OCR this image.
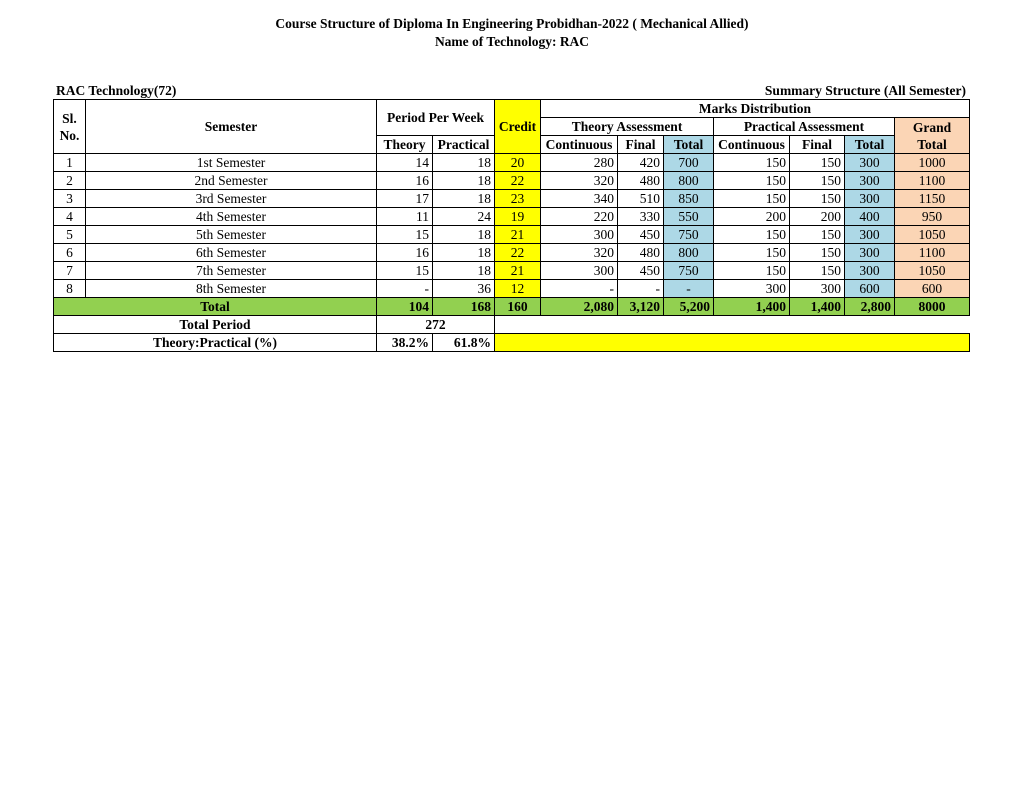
Course Structure of Diploma In Engineering Probidhan-2022 ( Mechanical Allied)
Name of Technology: RAC
RAC Technology(72)	Summary Structure (All Semester)
Sl.
No.	Semester	Period Per Week		Credit	Marks Distribution						
					Theory Assessment			Practical Assessment			Grand
Total
		Theory	Practical		Continuous	Final	Total	Continuous	Final	Total	
1	1st Semester	14	18	20	280	420	700	150	150	300	1000
2	2nd Semester	16	18	22	320	480	800	150	150	300	1100
3	3rd Semester	17	18	23	340	510	850	150	150	300	1150
4	4th Semester	11	24	19	220	330	550	200	200	400	950
5	5th Semester	15	18	21	300	450	750	150	150	300	1050
6	6th Semester	16	18	22	320	480	800	150	150	300	1100
7	7th Semester	15	18	21	300	450	750	150	150	300	1050
8	8th Semester	-	36	12	-	-	-	300	300	600	600
Total		104	168	160	2,080	3,120	5,200	1,400	1,400	2,800	8000
Total Period		272									
Theory:Practical (%)		38.2%	61.8%								
